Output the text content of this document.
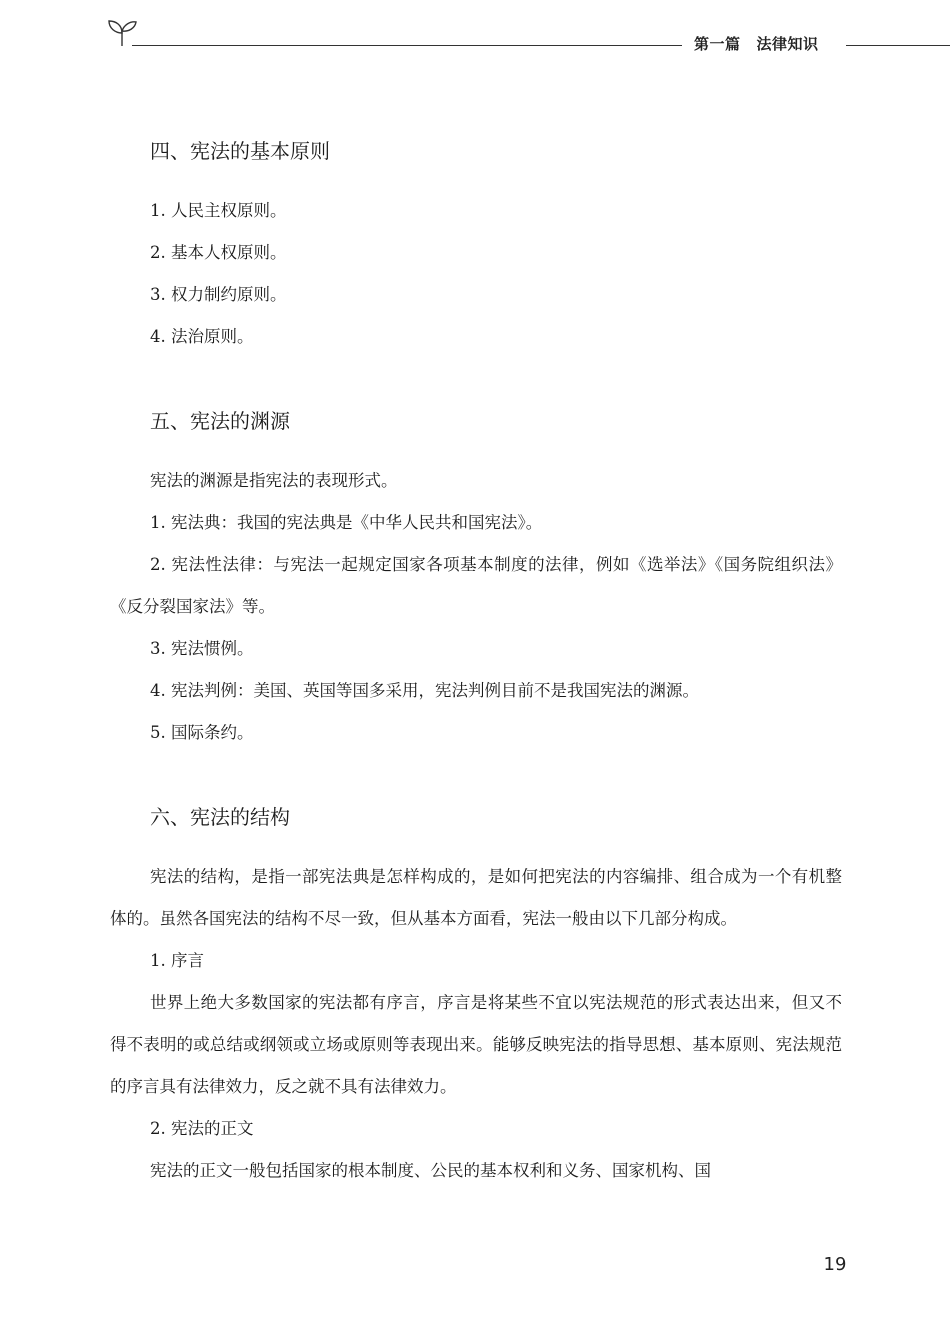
第一篇 法律知识
四、宪法的基本原则

1. 人民主权原则。

2. 基本人权原则。

3. 权力制约原则。

4. 法治原则。

五、宪法的渊源

宪法的渊源是指宪法的表现形式。

1. 宪法典：我国的宪法典是《中华人民共和国宪法》。

2. 宪法性法律：与宪法一起规定国家各项基本制度的法律，例如《选举法》《国务院组织法》《反分裂国家法》等。

3. 宪法惯例。

4. 宪法判例：美国、英国等国多采用，宪法判例目前不是我国宪法的渊源。

5. 国际条约。

六、宪法的结构

宪法的结构，是指一部宪法典是怎样构成的，是如何把宪法的内容编排、组合成为一个有机整体的。虽然各国宪法的结构不尽一致，但从基本方面看，宪法一般由以下几部分构成。

1. 序言

世界上绝大多数国家的宪法都有序言，序言是将某些不宜以宪法规范的形式表达出来，但又不得不表明的或总结或纲领或立场或原则等表现出来。能够反映宪法的指导思想、基本原则、宪法规范的序言具有法律效力，反之就不具有法律效力。

2. 宪法的正文

宪法的正文一般包括国家的根本制度、公民的基本权利和义务、国家机构、国

19
